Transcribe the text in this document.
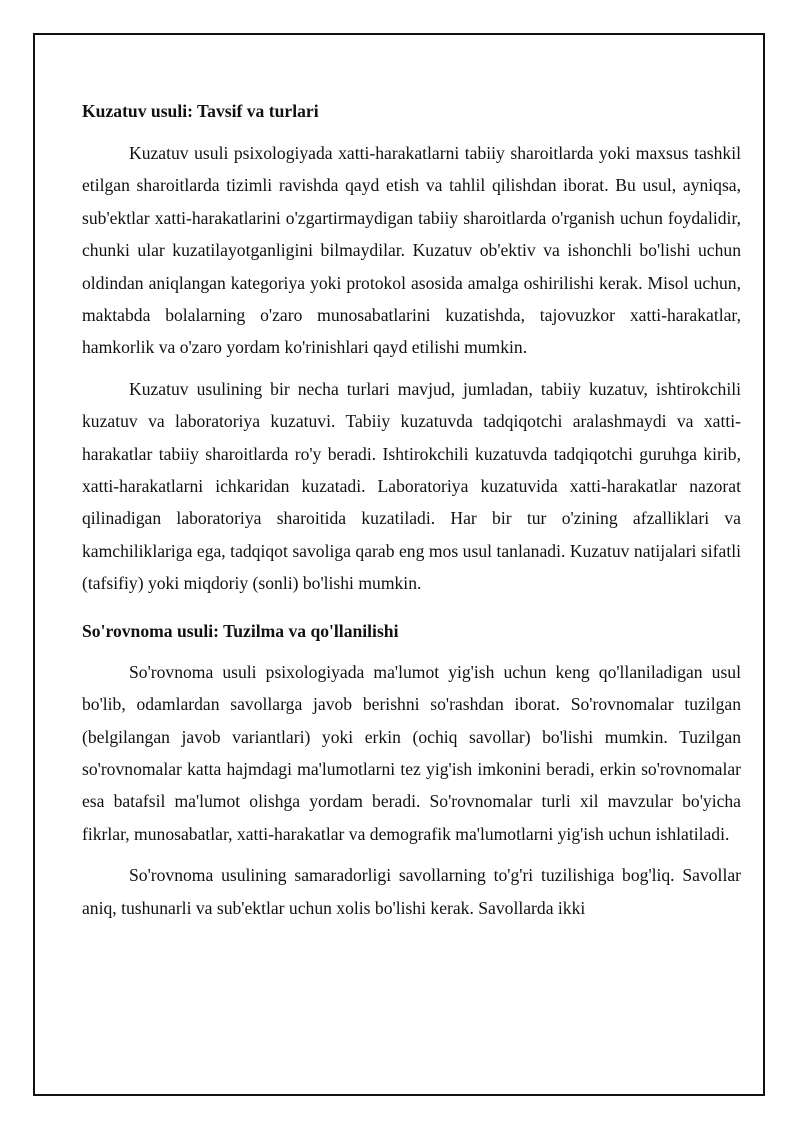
Kuzatuv usuli: Tavsif va turlari

Kuzatuv usuli psixologiyada xatti-harakatlarni tabiiy sharoitlarda yoki maxsus tashkil etilgan sharoitlarda tizimli ravishda qayd etish va tahlil qilishdan iborat. Bu usul, ayniqsa, sub'ektlar xatti-harakatlarini o'zgartirmaydigan tabiiy sharoitlarda o'rganish uchun foydalidir, chunki ular kuzatilayotganligini bilmaydilar. Kuzatuv ob'ektiv va ishonchli bo'lishi uchun oldindan aniqlangan kategoriya yoki protokol asosida amalga oshirilishi kerak. Misol uchun, maktabda bolalarning o'zaro munosabatlarini kuzatishda, tajovuzkor xatti-harakatlar, hamkorlik va o'zaro yordam ko'rinishlari qayd etilishi mumkin.

Kuzatuv usulining bir necha turlari mavjud, jumladan, tabiiy kuzatuv, ishtirokchili kuzatuv va laboratoriya kuzatuvi. Tabiiy kuzatuvda tadqiqotchi aralashmaydi va xatti-harakatlar tabiiy sharoitlarda ro'y beradi. Ishtirokchili kuzatuvda tadqiqotchi guruhga kirib, xatti-harakatlarni ichkaridan kuzatadi. Laboratoriya kuzatuvida xatti-harakatlar nazorat qilinadigan laboratoriya sharoitida kuzatiladi. Har bir tur o'zining afzalliklari va kamchiliklariga ega, tadqiqot savoliga qarab eng mos usul tanlanadi. Kuzatuv natijalari sifatli (tafsifiy) yoki miqdoriy (sonli) bo'lishi mumkin.

So'rovnoma usuli: Tuzilma va qo'llanilishi

So'rovnoma usuli psixologiyada ma'lumot yig'ish uchun keng qo'llaniladigan usul bo'lib, odamlardan savollarga javob berishni so'rashdan iborat. So'rovnomalar tuzilgan (belgilangan javob variantlari) yoki erkin (ochiq savollar) bo'lishi mumkin. Tuzilgan so'rovnomalar katta hajmdagi ma'lumotlarni tez yig'ish imkonini beradi, erkin so'rovnomalar esa batafsil ma'lumot olishga yordam beradi. So'rovnomalar turli xil mavzular bo'yicha fikrlar, munosabatlar, xatti-harakatlar va demografik ma'lumotlarni yig'ish uchun ishlatiladi.

So'rovnoma usulining samaradorligi savollarning to'g'ri tuzilishiga bog'liq. Savollar aniq, tushunarli va sub'ektlar uchun xolis bo'lishi kerak. Savollarda ikki
